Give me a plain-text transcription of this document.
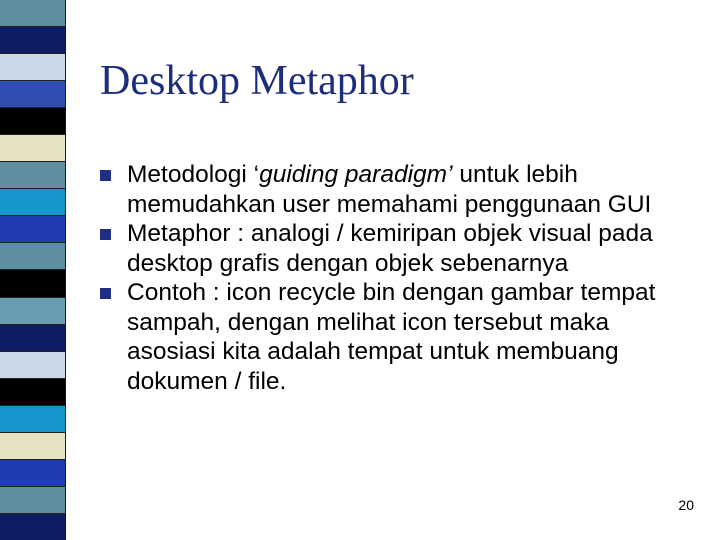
Desktop Metaphor
Metodologi ‘guiding paradigm’ untuk lebih memudahkan user memahami penggunaan GUI
Metaphor : analogi / kemiripan objek visual pada desktop grafis dengan objek sebenarnya
Contoh : icon recycle bin dengan gambar tempat sampah, dengan melihat icon tersebut maka asosiasi kita adalah tempat untuk membuang dokumen / file.
20
